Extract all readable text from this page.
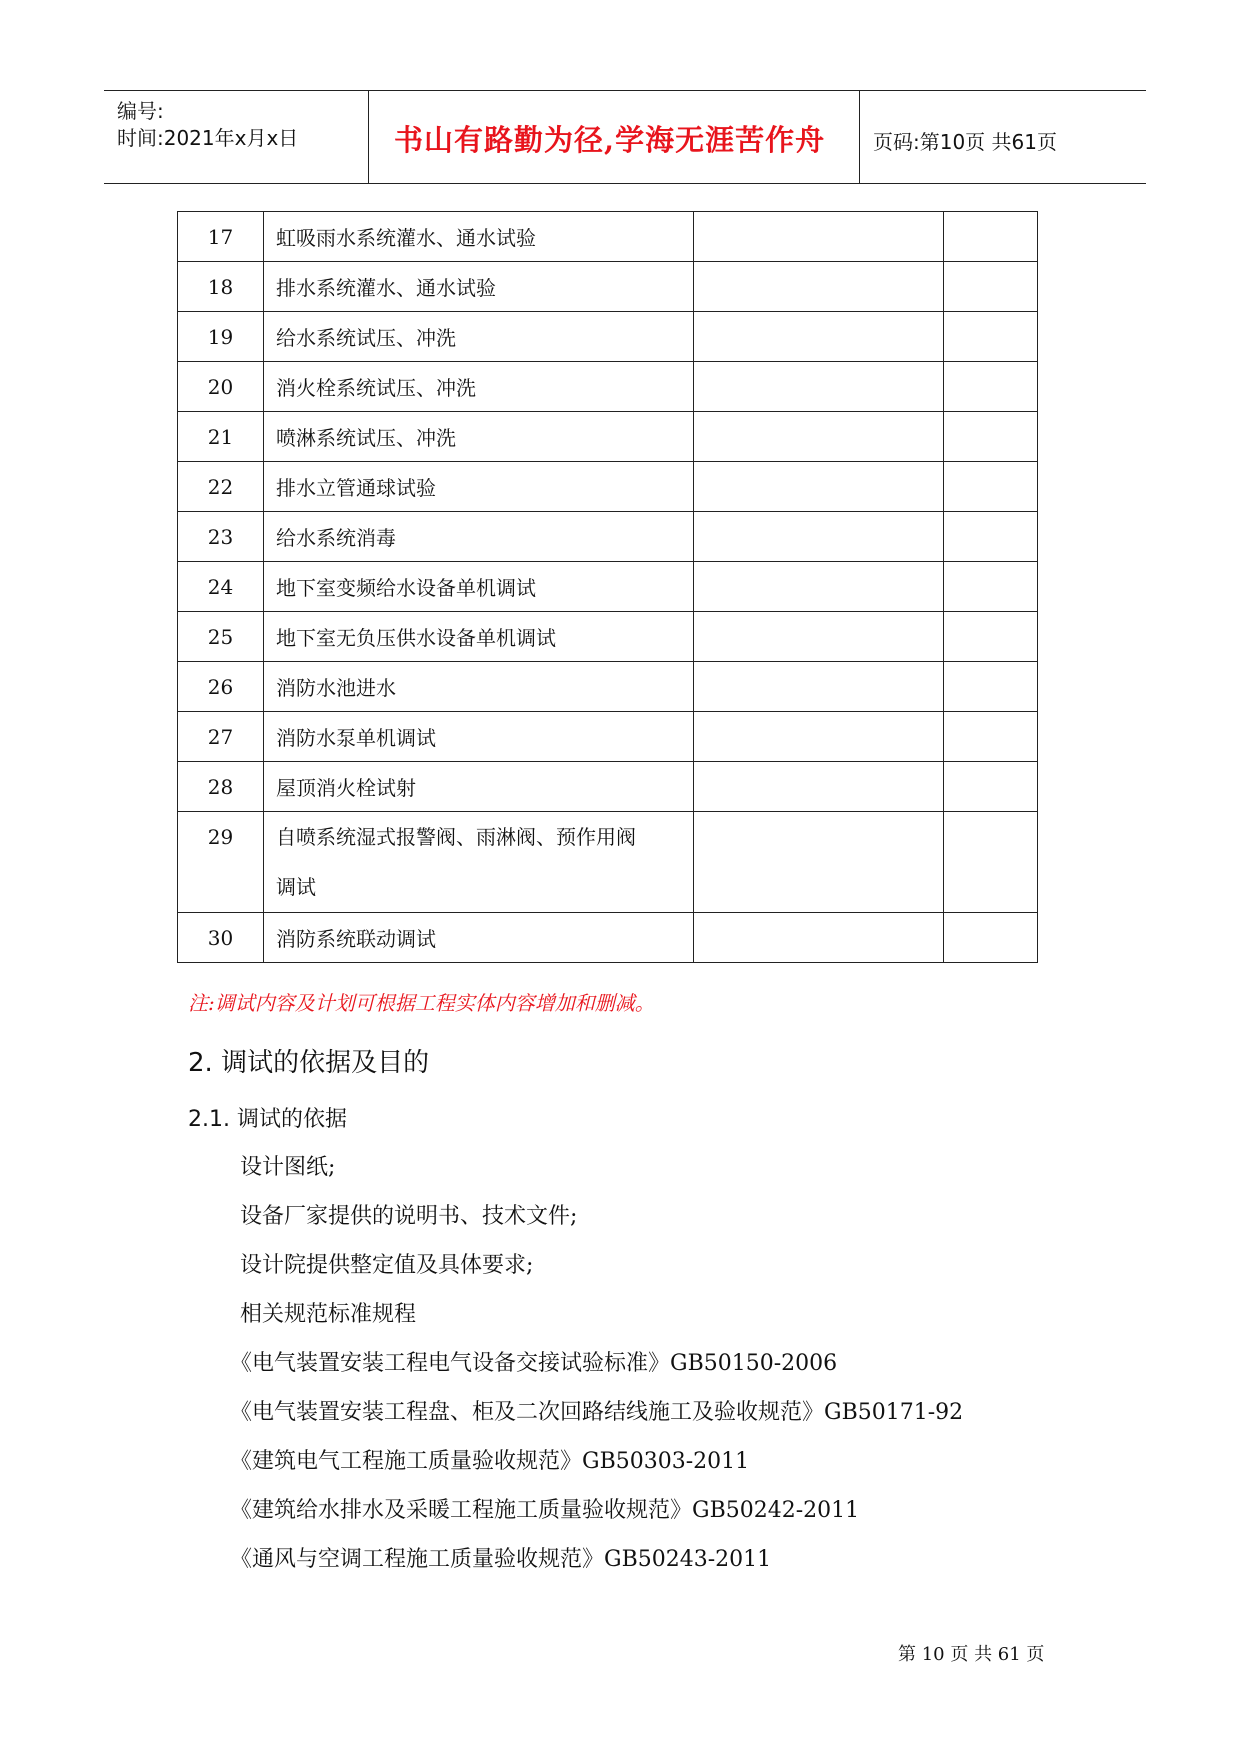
编号:
时间:2021年x月x日	书山有路勤为径,学海无涯苦作舟 页码:第10页 共61页
17	虹吸雨水系统灌水、通水试验		
18	排水系统灌水、通水试验		
19	给水系统试压、冲洗		
20	消火栓系统试压、冲洗		
21	喷淋系统试压、冲洗		
22	排水立管通球试验		
23	给水系统消毒		
24	地下室变频给水设备单机调试		
25	地下室无负压供水设备单机调试		
26	消防水池进水		
27	消防水泵单机调试		
28	屋顶消火栓试射		

29	自喷系统湿式报警阀、雨淋阀、预作用阀
调试		

30	消防系统联动调试		
注:调试内容及计划可根据工程实体内容增加和删减。
2. 调试的依据及目的
2.1. 调试的依据
设计图纸;
设备厂家提供的说明书、技术文件;
设计院提供整定值及具体要求;
相关规范标准规程
《电气装置安装工程电气设备交接试验标准》GB50150-2006
《电气装置安装工程盘、柜及二次回路结线施工及验收规范》GB50171-92
《建筑电气工程施工质量验收规范》GB50303-2011
《建筑给水排水及采暖工程施工质量验收规范》GB50242-2011
《通风与空调工程施工质量验收规范》GB50243-2011
第 10 页 共 61 页
